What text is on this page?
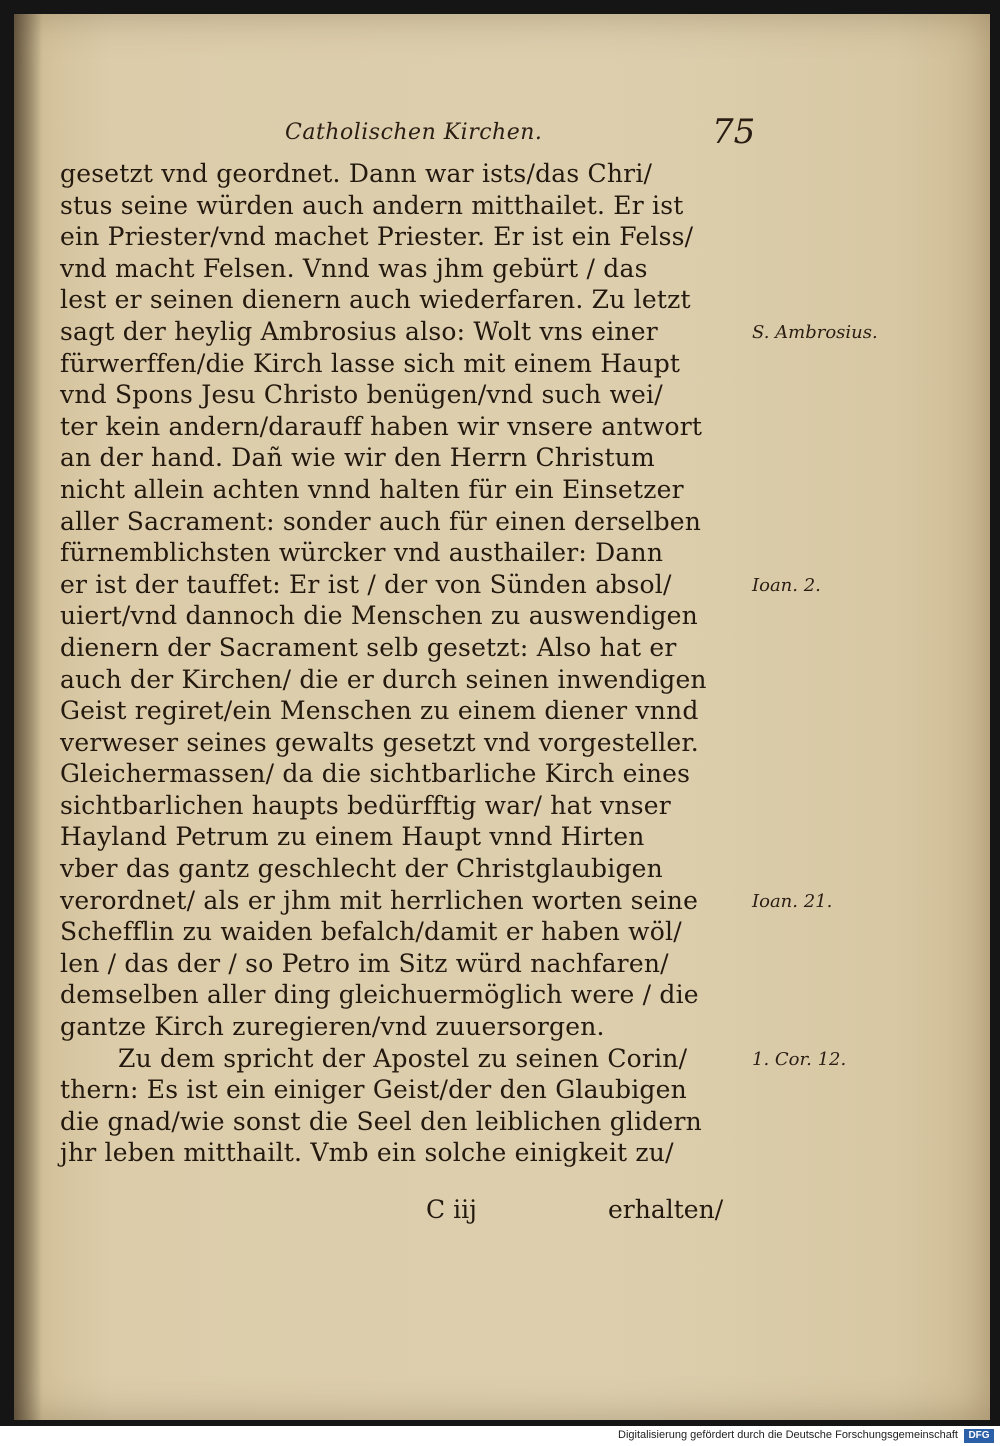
Catholischen Kirchen.	75
gesetzt vnd geordnet. Dann war ists/das Chri/
stus seine würden auch andern mitthailet. Er ist
ein Priester/vnd machet Priester. Er ist ein Felss/
vnd macht Felsen. Vnnd was jhm gebürt / das
lest er seinen dienern auch wiederfaren. Zu letzt
sagt der heylig Ambrosius also: Wolt vns einer
fürwerffen/die Kirch lasse sich mit einem Haupt
vnd Spons Jesu Christo benügen/vnd such wei/
ter kein andern/darauff haben wir vnsere antwort
an der hand. Dañ wie wir den Herrn Christum
nicht allein achten vnnd halten für ein Einsetzer
aller Sacrament: sonder auch für einen derselben
fürnemblichsten würcker vnd austhailer: Dann
er ist der tauffet: Er ist / der von Sünden absol/
uiert/vnd dannoch die Menschen zu auswendigen
dienern der Sacrament selb gesetzt: Also hat er
auch der Kirchen/ die er durch seinen inwendigen
Geist regiret/ein Menschen zu einem diener vnnd
verweser seines gewalts gesetzt vnd vorgesteller.
Gleichermassen/ da die sichtbarliche Kirch eines
sichtbarlichen haupts bedürfftig war/ hat vnser
Hayland Petrum zu einem Haupt vnnd Hirten
vber das gantz geschlecht der Christglaubigen
verordnet/ als er jhm mit herrlichen worten seine
Schefflin zu waiden befalch/damit er haben wöl/
len / das der / so Petro im Sitz würd nachfaren/
demselben aller ding gleichuermöglich were / die
gantze Kirch zuregieren/vnd zuuersorgen.
Zu dem spricht der Apostel zu seinen Corin/
thern: Es ist ein einiger Geist/der den Glaubigen
die gnad/wie sonst die Seel den leiblichen glidern
jhr leben mitthailt. Vmb ein solche einigkeit zu/
S. Ambrosius.
Ioan. 2.
Ioan. 21.
1. Cor. 12.
C iij	erhalten/
Digitalisierung gefördert durch die Deutsche Forschungsgemeinschaft	DFG
